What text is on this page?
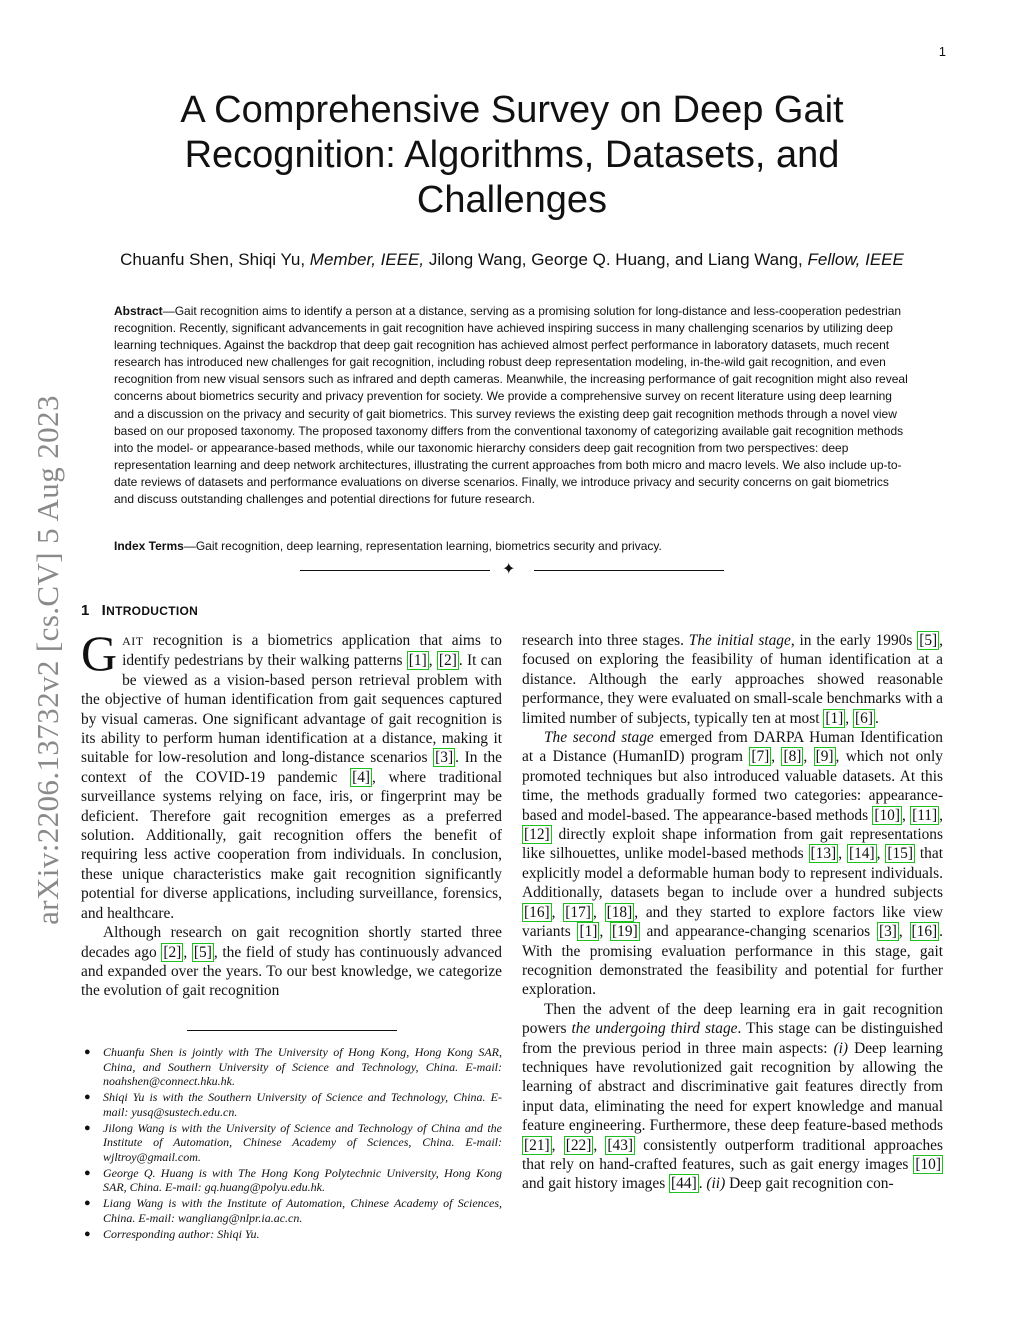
1
A Comprehensive Survey on Deep Gait Recognition: Algorithms, Datasets, and Challenges
Chuanfu Shen, Shiqi Yu, Member, IEEE, Jilong Wang, George Q. Huang, and Liang Wang, Fellow, IEEE
Abstract—Gait recognition aims to identify a person at a distance, serving as a promising solution for long-distance and less-cooperation pedestrian recognition. Recently, significant advancements in gait recognition have achieved inspiring success in many challenging scenarios by utilizing deep learning techniques. Against the backdrop that deep gait recognition has achieved almost perfect performance in laboratory datasets, much recent research has introduced new challenges for gait recognition, including robust deep representation modeling, in-the-wild gait recognition, and even recognition from new visual sensors such as infrared and depth cameras. Meanwhile, the increasing performance of gait recognition might also reveal concerns about biometrics security and privacy prevention for society. We provide a comprehensive survey on recent literature using deep learning and a discussion on the privacy and security of gait biometrics. This survey reviews the existing deep gait recognition methods through a novel view based on our proposed taxonomy. The proposed taxonomy differs from the conventional taxonomy of categorizing available gait recognition methods into the model- or appearance-based methods, while our taxonomic hierarchy considers deep gait recognition from two perspectives: deep representation learning and deep network architectures, illustrating the current approaches from both micro and macro levels. We also include up-to-date reviews of datasets and performance evaluations on diverse scenarios. Finally, we introduce privacy and security concerns on gait biometrics and discuss outstanding challenges and potential directions for future research.
Index Terms—Gait recognition, deep learning, representation learning, biometrics security and privacy.
✦
arXiv:2206.13732v2 [cs.CV] 5 Aug 2023 1 INTRODUCTION

GAIT recognition is a biometrics application that aims to identify pedestrians by their walking patterns [1] , [2] . It can be viewed as a vision-based person retrieval problem with the objective of human identification from gait sequences captured by visual cameras. One significant advantage of gait recognition is its ability to perform human identification at a distance, making it suitable for low-resolution and long-distance scenarios [3] . In the context of the COVID-19 pandemic [4] , where traditional surveillance systems relying on face, iris, or fingerprint may be deficient. Therefore gait recognition emerges as a preferred solution. Additionally, gait recognition offers the benefit of requiring less active cooperation from individuals. In conclusion, these unique characteristics make gait recognition significantly potential for diverse applications, including surveillance, forensics, and healthcare.

Although research on gait recognition shortly started three decades ago [2] , [5] , the field of study has continuously advanced and expanded over the years. To our best knowledge, we categorize the evolution of gait recognition

research into three stages. The initial stage, in the early 1990s [5] , focused on exploring the feasibility of human identification at a distance. Although the early approaches showed reasonable performance, they were evaluated on small-scale benchmarks with a limited number of subjects, typically ten at most [1] , [6] .

The second stage emerged from DARPA Human Identification at a Distance (HumanID) program [7] , [8] , [9] , which not only promoted techniques but also introduced valuable datasets. At this time, the methods gradually formed two categories: appearance-based and model-based. The appearance-based methods [10] , [11] , [12] directly exploit shape information from gait representations like silhouettes, unlike model-based methods [13] , [14] , [15] that explicitly model a deformable human body to represent individuals. Additionally, datasets began to include over a hundred subjects [16] , [17] , [18] , and they started to explore factors like view variants [1] , [19] and appearance-changing scenarios [3] , [16] . With the promising evaluation performance in this stage, gait recognition demonstrated the feasibility and potential for further exploration.

Then the advent of the deep learning era in gait recognition powers the undergoing third stage. This stage can be distinguished from the previous period in three main aspects: (i) Deep learning techniques have revolutionized gait recognition by allowing the learning of abstract and discriminative gait features directly from input data, eliminating the need for expert knowledge and manual feature engineering. Furthermore, these deep feature-based methods [21] , [22] , [43] consistently outperform traditional approaches that rely on hand-crafted features, such as gait energy images [10] and gait history images [44] . (ii) Deep gait recognition con-

● Chuanfu Shen is jointly with The University of Hong Kong, Hong Kong SAR, China, and Southern University of Science and Technology, China. E-mail: noahshen@connect.hku.hk.
● Shiqi Yu is with the Southern University of Science and Technology, China. E-mail: yusq@sustech.edu.cn.
● Jilong Wang is with the University of Science and Technology of China and the Institute of Automation, Chinese Academy of Sciences, China. E-mail: wjltroy@gmail.com.
● George Q. Huang is with The Hong Kong Polytechnic University, Hong Kong SAR, China. E-mail: gq.huang@polyu.edu.hk.
● Liang Wang is with the Institute of Automation, Chinese Academy of Sciences, China. E-mail: wangliang@nlpr.ia.ac.cn.
● Corresponding author: Shiqi Yu.
